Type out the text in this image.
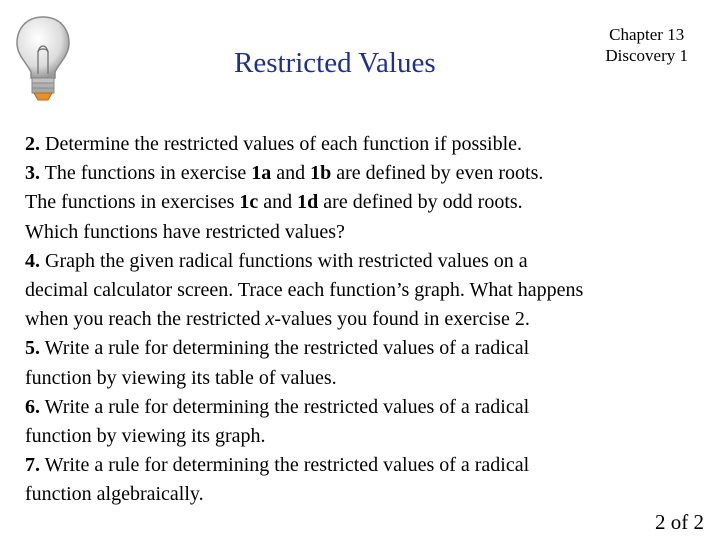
Restricted Values
Chapter 13
Discovery 1
2. Determine the restricted values of each function if possible.
3. The functions in exercise 1a and 1b are defined by even roots.
The functions in exercises 1c and 1d are defined by odd roots.
Which functions have restricted values?
4. Graph the given radical functions with restricted values on a
decimal calculator screen. Trace each function’s graph. What happens
when you reach the restricted x-values you found in exercise 2.
5. Write a rule for determining the restricted values of a radical
function by viewing its table of values.
6. Write a rule for determining the restricted values of a radical
function by viewing its graph.
7. Write a rule for determining the restricted values of a radical
function algebraically.
2 of 2
